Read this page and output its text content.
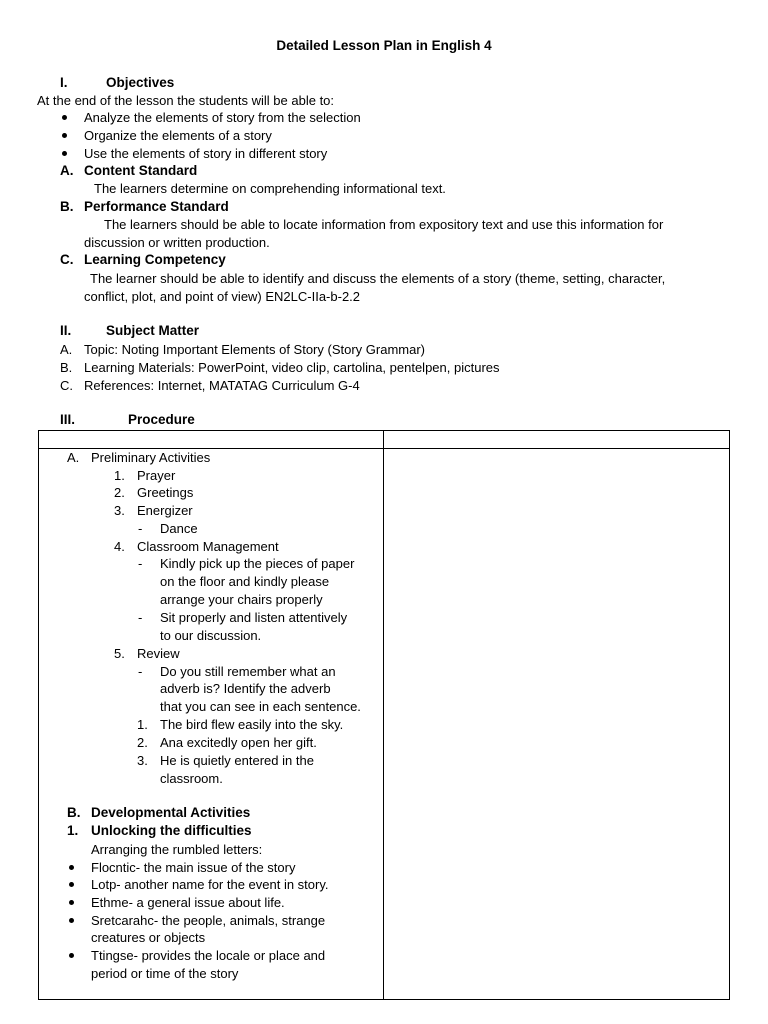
Detailed Lesson Plan in English 4
I.	Objectives
At the end of the lesson the students will be able to:
Analyze the elements of story from the selection
Organize the elements of a story
Use the elements of story in different story
A. Content Standard
The learners determine on comprehending informational text.
B. Performance Standard
The learners should be able to locate information from expository text and use this information for
discussion or written production.
C. Learning Competency
The learner should be able to identify and discuss the elements of a story (theme, setting, character,
conflict, plot, and point of view) EN2LC-IIa-b-2.2
II.	Subject Matter
A. Topic: Noting Important Elements of Story (Story Grammar)
B. Learning Materials: PowerPoint, video clip, cartolina, pentelpen, pictures
C. References: Internet, MATATAG Curriculum G-4
III.	Procedure
A. Preliminary Activities
1. Prayer
2. Greetings
3. Energizer
- Dance
4. Classroom Management
- Kindly pick up the pieces of paper
on the floor and kindly please
arrange your chairs properly
- Sit properly and listen attentively
to our discussion.
5. Review
- Do you still remember what an
adverb is? Identify the adverb
that you can see in each sentence.
1. The bird flew easily into the sky.
2. Ana excitedly open her gift.
3. He is quietly entered in the
classroom.
B. Developmental Activities
1. Unlocking the difficulties
Arranging the rumbled letters:
Flocntic- the main issue of the story
Lotp- another name for the event in story.
Ethme- a general issue about life.
Sretcarahc- the people, animals, strange
creatures or objects
Ttingse- provides the locale or place and
period or time of the story
